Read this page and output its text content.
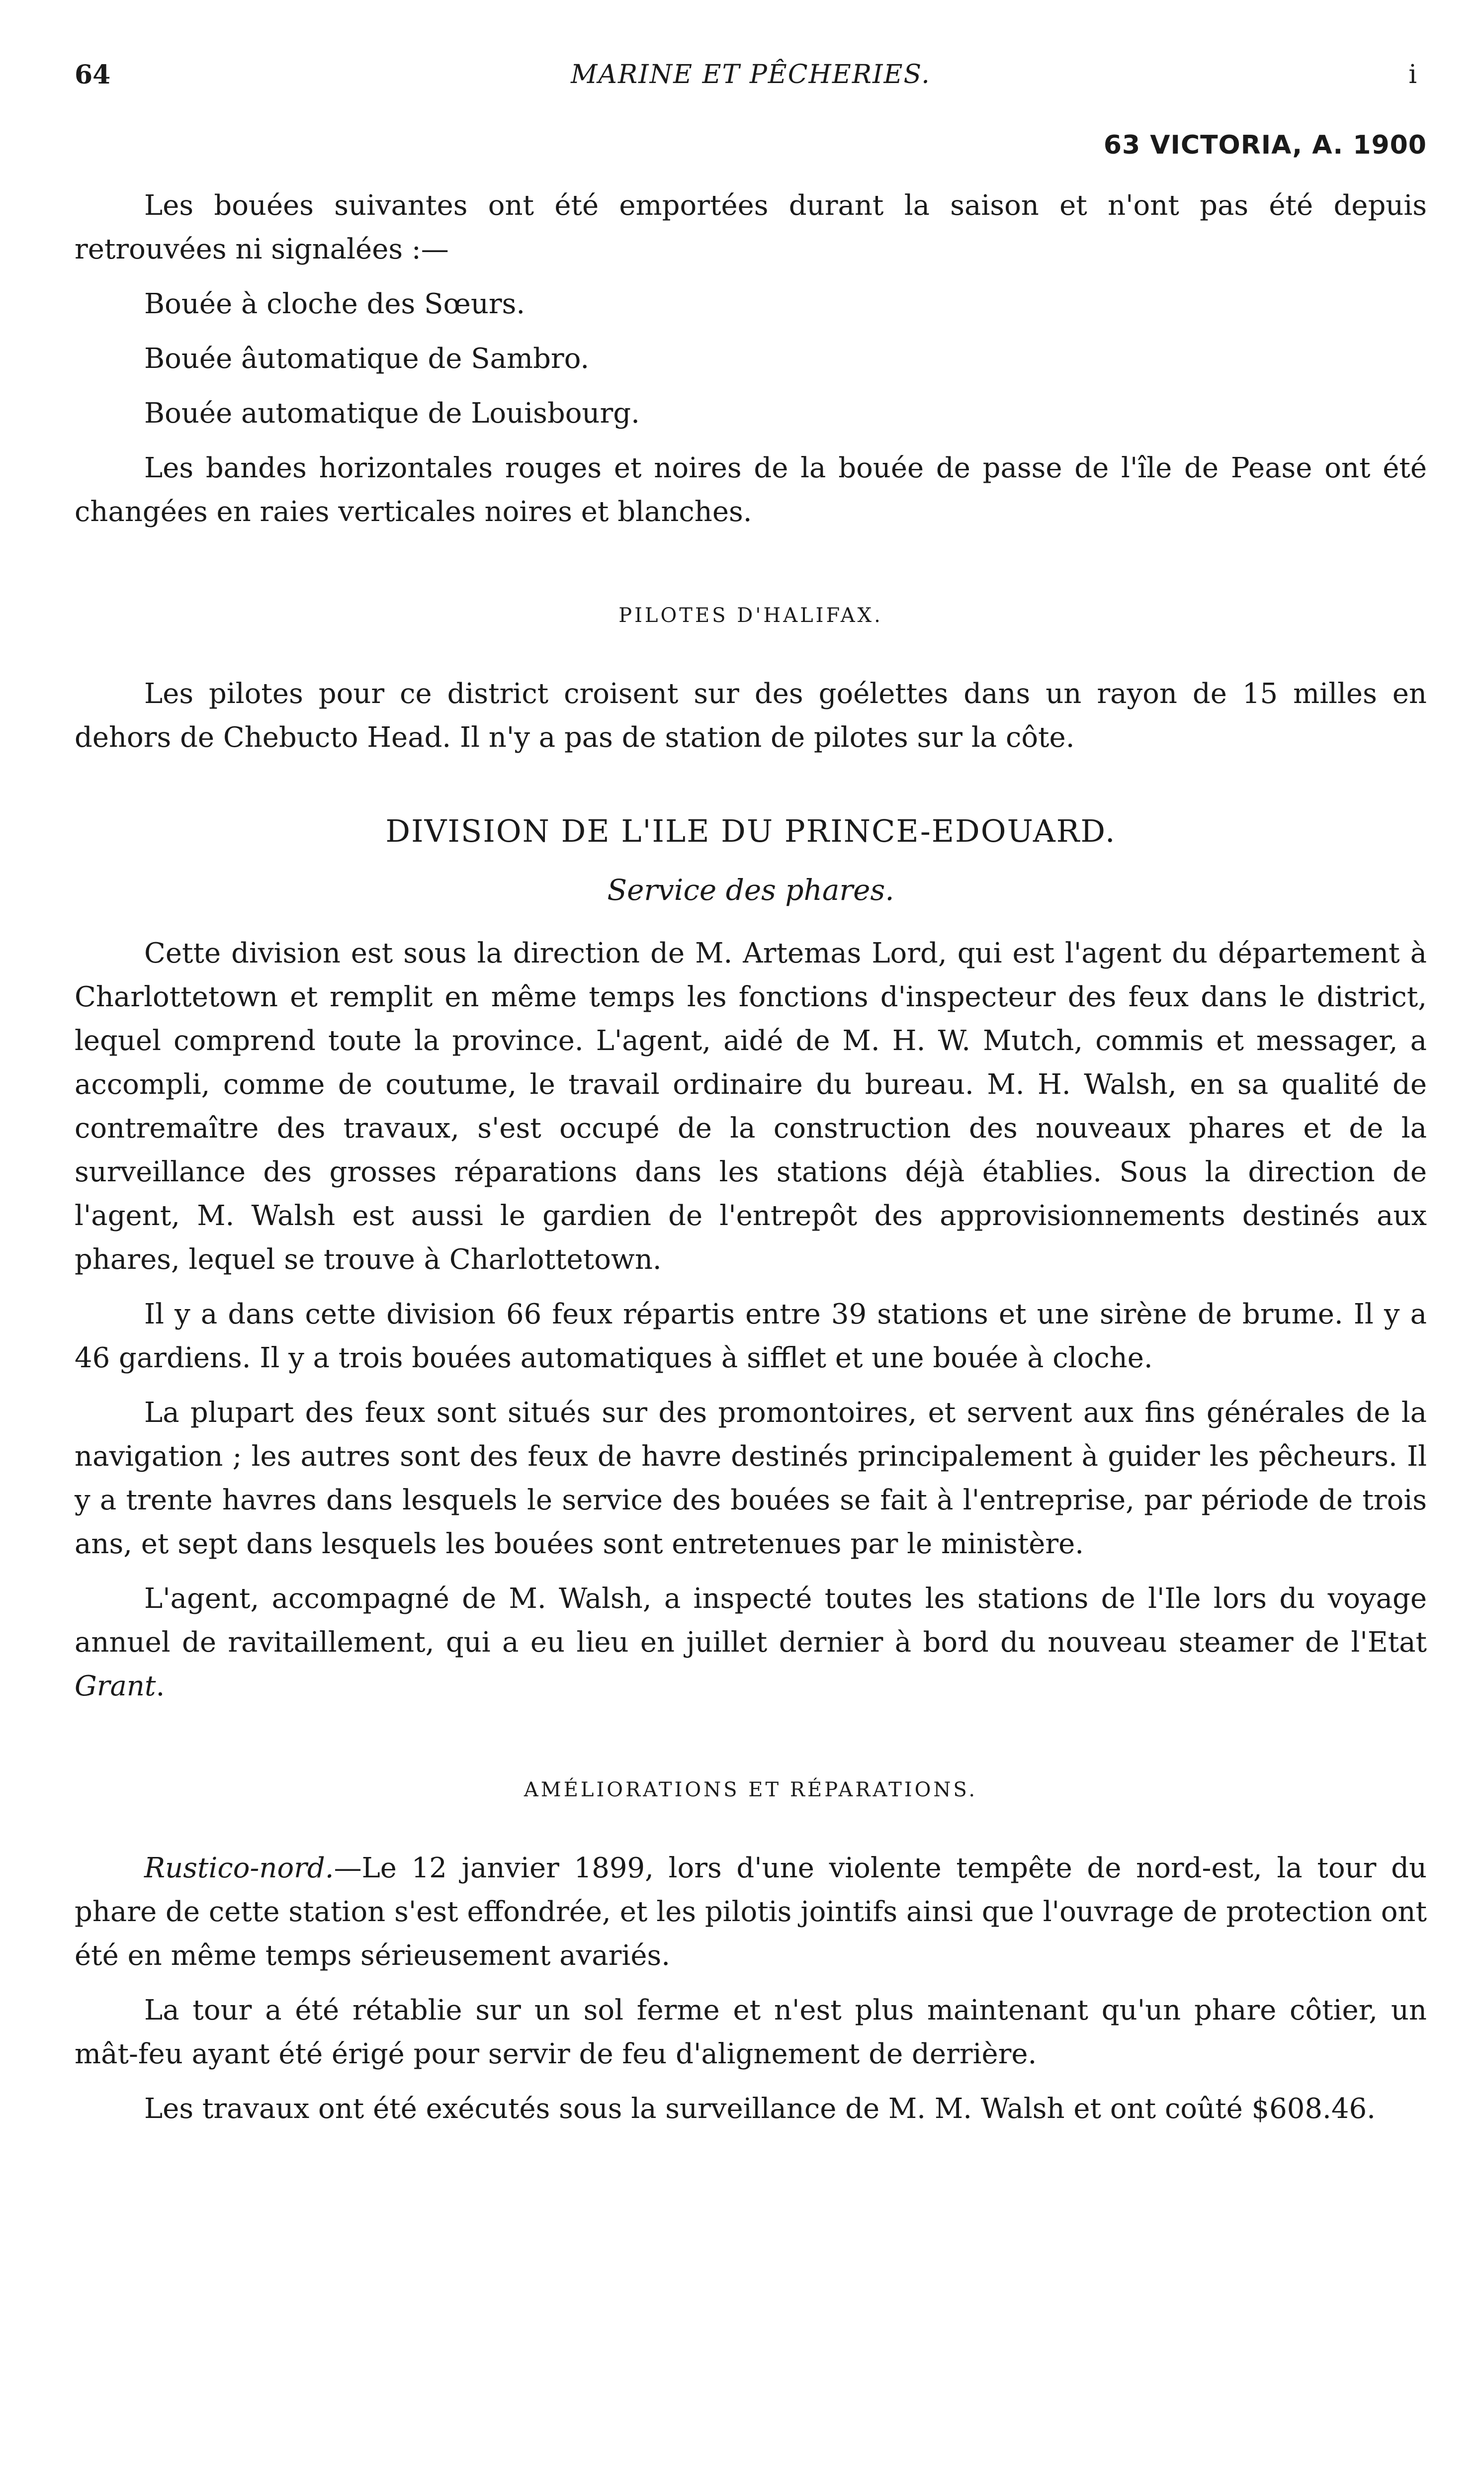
64	MARINE ET PÊCHERIES.	i
63 VICTORIA, A. 1900

Les bouées suivantes ont été emportées durant la saison et n'ont pas été depuis retrouvées ni signalées :—

Bouée à cloche des Sœurs.

Bouée âutomatique de Sambro.

Bouée automatique de Louisbourg.

Les bandes horizontales rouges et noires de la bouée de passe de l'île de Pease ont été changées en raies verticales noires et blanches.

PILOTES D'HALIFAX.

Les pilotes pour ce district croisent sur des goélettes dans un rayon de 15 milles en dehors de Chebucto Head. Il n'y a pas de station de pilotes sur la côte.

DIVISION DE L'ILE DU PRINCE-EDOUARD.
Service des phares.

Cette division est sous la direction de M. Artemas Lord, qui est l'agent du département à Charlottetown et remplit en même temps les fonctions d'inspecteur des feux dans le district, lequel comprend toute la province. L'agent, aidé de M. H. W. Mutch, commis et messager, a accompli, comme de coutume, le travail ordinaire du bureau. M. H. Walsh, en sa qualité de contremaître des travaux, s'est occupé de la construction des nouveaux phares et de la surveillance des grosses réparations dans les stations déjà établies. Sous la direction de l'agent, M. Walsh est aussi le gardien de l'entrepôt des approvisionnements destinés aux phares, lequel se trouve à Charlottetown.

Il y a dans cette division 66 feux répartis entre 39 stations et une sirène de brume. Il y a 46 gardiens. Il y a trois bouées automatiques à sifflet et une bouée à cloche.

La plupart des feux sont situés sur des promontoires, et servent aux fins générales de la navigation ; les autres sont des feux de havre destinés principalement à guider les pêcheurs. Il y a trente havres dans lesquels le service des bouées se fait à l'entreprise, par période de trois ans, et sept dans lesquels les bouées sont entretenues par le ministère.

L'agent, accompagné de M. Walsh, a inspecté toutes les stations de l'Ile lors du voyage annuel de ravitaillement, qui a eu lieu en juillet dernier à bord du nouveau steamer de l'Etat Grant.

AMÉLIORATIONS ET RÉPARATIONS.

Rustico-nord.—Le 12 janvier 1899, lors d'une violente tempête de nord-est, la tour du phare de cette station s'est effondrée, et les pilotis jointifs ainsi que l'ouvrage de protection ont été en même temps sérieusement avariés.

La tour a été rétablie sur un sol ferme et n'est plus maintenant qu'un phare côtier, un mât-feu ayant été érigé pour servir de feu d'alignement de derrière.

Les travaux ont été exécutés sous la surveillance de M. M. Walsh et ont coûté $608.46.
